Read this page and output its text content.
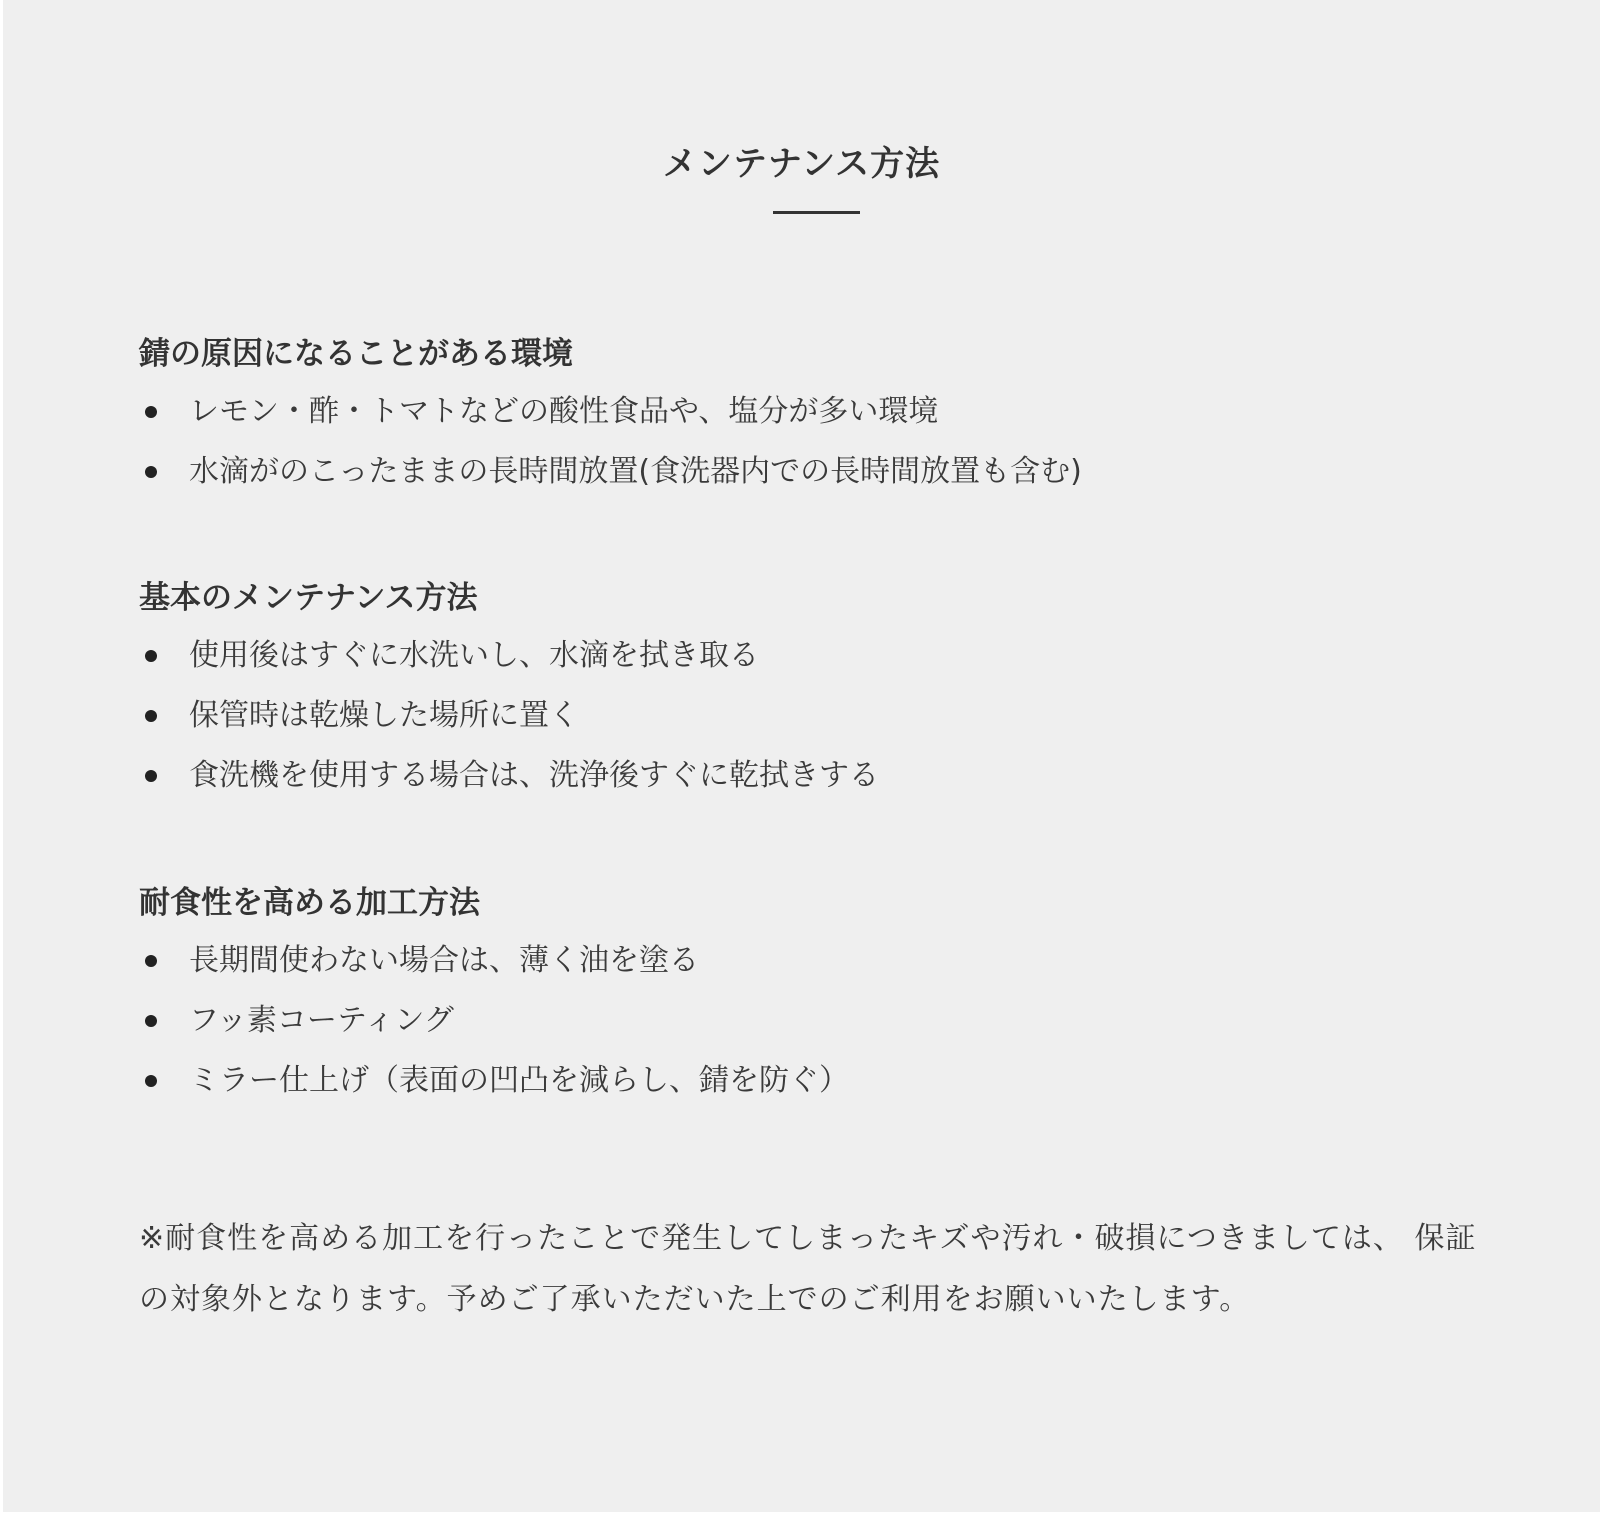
メンテナンス方法
錆の原因になることがある環境
レモン・酢・トマトなどの酸性食品や、塩分が多い環境
水滴がのこったままの長時間放置(食洗器内での長時間放置も含む)
基本のメンテナンス方法
使用後はすぐに水洗いし、水滴を拭き取る
保管時は乾燥した場所に置く
食洗機を使用する場合は、洗浄後すぐに乾拭きする
耐食性を高める加工方法
長期間使わない場合は、薄く油を塗る
フッ素コーティング
ミラー仕上げ（表面の凹凸を減らし、錆を防ぐ）

※耐食性を高める加工を行ったことで発生してしまったキズや汚れ・破損につきましては、 保証の対象外となります。予めご了承いただいた上でのご利用をお願いいたします。
